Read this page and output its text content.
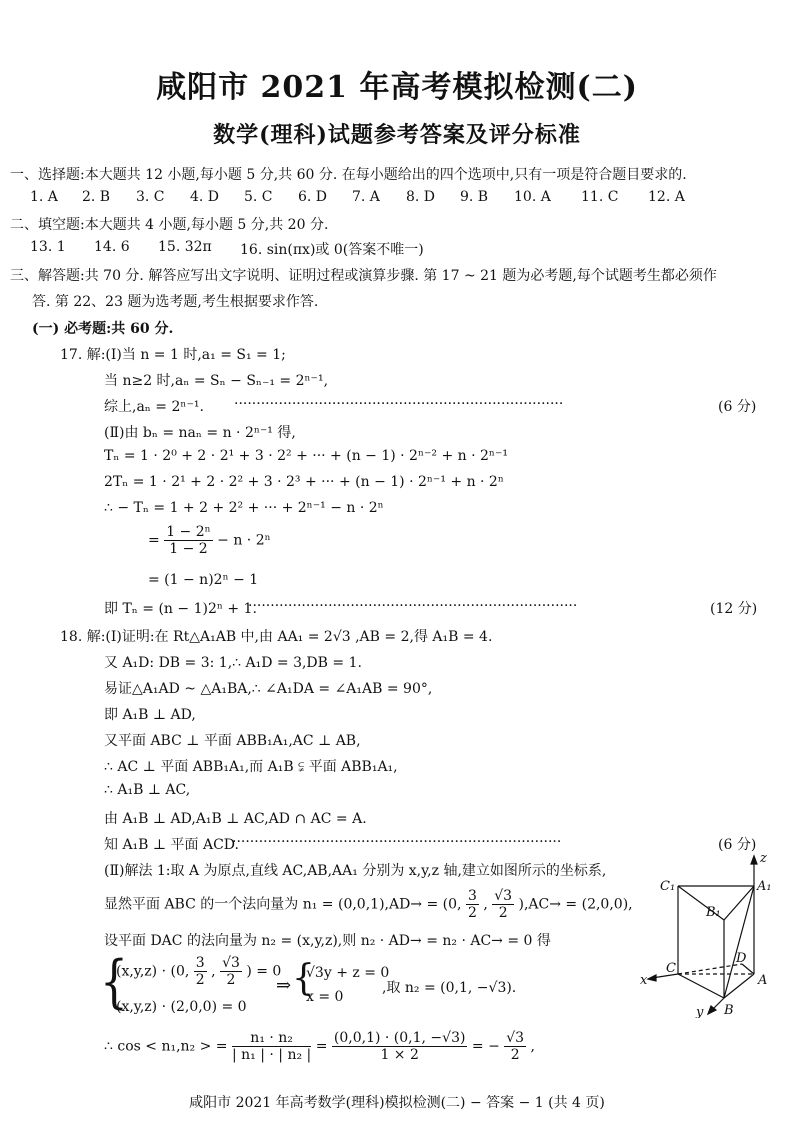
咸阳市 2021 年高考模拟检测(二)
数学(理科)试题参考答案及评分标准
一、选择题:本大题共 12 小题,每小题 5 分,共 60 分. 在每小题给出的四个选项中,只有一项是符合题目要求的.
1. A 2. B 3. C 4. D 5. C 6. D 7. A 8. D 9. B 10. A 11. C 12. A
二、填空题:本大题共 4 小题,每小题 5 分,共 20 分.
13. 1 14. 6 15. 32π 16. sin(πx)或 0(答案不唯一)
三、解答题:共 70 分. 解答应写出文字说明、证明过程或演算步骤. 第 17 ~ 21 题为必考题,每个试题考生都必须作
答. 第 22、23 题为选考题,考生根据要求作答.
(一) 必考题:共 60 分.
17. 解:(Ⅰ)当 n = 1 时,a₁ = S₁ = 1;
当 n≥2 时,aₙ = Sₙ − Sₙ₋₁ = 2ⁿ⁻¹,
综上,aₙ = 2ⁿ⁻¹. ··········································································	(6 分)
(Ⅱ)由 bₙ = naₙ = n · 2ⁿ⁻¹ 得,
Tₙ = 1 · 2⁰ + 2 · 2¹ + 3 · 2² + ··· + (n − 1) · 2ⁿ⁻² + n · 2ⁿ⁻¹
2Tₙ = 1 · 2¹ + 2 · 2² + 3 · 2³ + ··· + (n − 1) · 2ⁿ⁻¹ + n · 2ⁿ
∴ − Tₙ = 1 + 2 + 2² + ··· + 2ⁿ⁻¹ − n · 2ⁿ
= $\frac{\text{1 − 2ⁿ}}{1 - 2} - n \cdot 2^n$
= (1 − n)2ⁿ − 1
即 Tₙ = (n − 1)2ⁿ + 1.
··········································································	(12 分)
18. 解:(Ⅰ)证明:在 Rt△A₁AB 中,由 AA₁ = 2√3 ,AB = 2,得 A₁B = 4.
又 A₁D: DB = 3: 1,∴ A₁D = 3,DB = 1.
易证△A₁AD ~ △A₁BA,∴ ∠A₁DA = ∠A₁AB = 90°,
即 A₁B ⊥ AD,
又平面 ABC ⊥ 平面 ABB₁A₁,AC ⊥ AB,
∴ AC ⊥ 平面 ABB₁A₁,而 A₁B ⫋ 平面 ABB₁A₁,
∴ A₁B ⊥ AC,
由 A₁B ⊥ AD,A₁B ⊥ AC,AD ∩ AC = A.
知 A₁B ⊥ 平面 ACD.
··········································································	(6 分)
(Ⅱ)解法 1:取 A 为原点,直线 AC,AB,AA₁ 分别为 x,y,z 轴,建立如图所示的坐标系,
显然平面 ABC 的一个法向量为 n₁ = (0,0,1),AD→ = (0, $\frac{3}{2}$ , $\frac{√3}{2} ),AC\to = (2,0,0)$,
设平面 DAC 的法向量为 n₂ = (x,y,z),则 n₂ · AD→ = n₂ · AC→ = 0 得
{
(x,y,z) · (0, $\frac{3}{2}$ , $\frac{√3}{2}$ ) = 0
(x,y,z) · (2,0,0) = 0
⇒ {
√3y + z = 0
x = 0
,取 n₂ = (0,1, −√3).
∴ cos < n₁,n₂ > = $\frac{\text{n₁ · n₂}}{\text{| n₁ | · | n₂ |}} = \frac{(0,0,1) \cdot (0,1, -√3)}{1 \times 2}$ = − $\frac{√3}{2}$ ,
z
C₁	A₁
B₁
D
x
C
A
y B
咸阳市 2021 年高考数学(理科)模拟检测(二) − 答案 − 1 (共 4 页)
